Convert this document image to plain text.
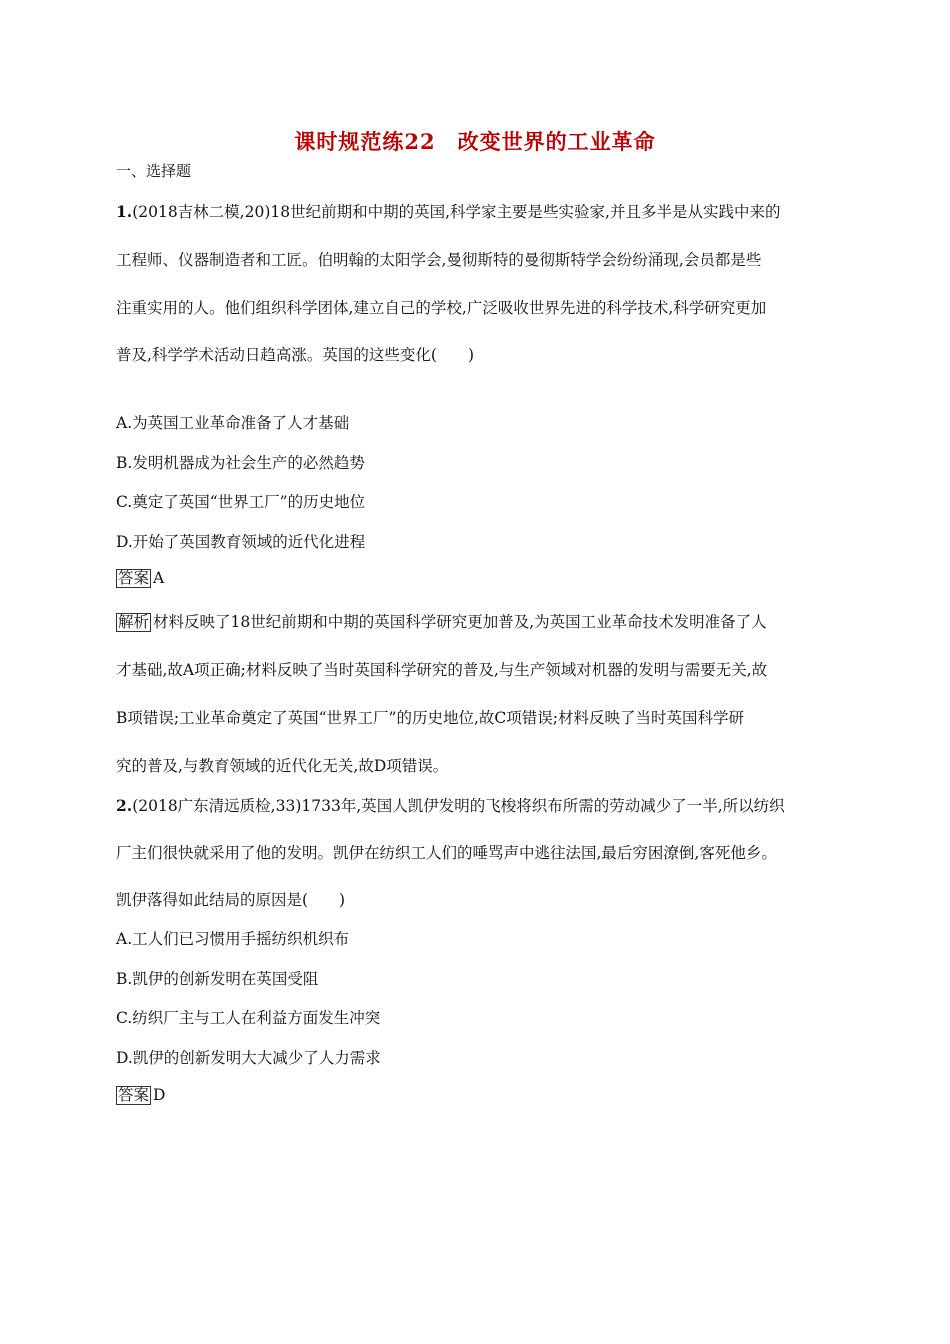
课时规范练22 改变世界的工业革命
一、选择题
1.(2018吉林二模,20)18世纪前期和中期的英国,科学家主要是些实验家,并且多半是从实践中来的
工程师、仪器制造者和工匠。伯明翰的太阳学会,曼彻斯特的曼彻斯特学会纷纷涌现,会员都是些
注重实用的人。他们组织科学团体,建立自己的学校,广泛吸收世界先进的科学技术,科学研究更加
普及,科学学术活动日趋高涨。英国的这些变化(　　)
A.为英国工业革命准备了人才基础
B.发明机器成为社会生产的必然趋势
C.奠定了英国“世界工厂”的历史地位
D.开始了英国教育领域的近代化进程
答案 A
解析 材料反映了18世纪前期和中期的英国科学研究更加普及,为英国工业革命技术发明准备了人
才基础,故A项正确;材料反映了当时英国科学研究的普及,与生产领域对机器的发明与需要无关,故
B项错误;工业革命奠定了英国“世界工厂”的历史地位,故C项错误;材料反映了当时英国科学研
究的普及,与教育领域的近代化无关,故D项错误。
2.(2018广东清远质检,33)1733年,英国人凯伊发明的飞梭将织布所需的劳动减少了一半,所以纺织
厂主们很快就采用了他的发明。凯伊在纺织工人们的唾骂声中逃往法国,最后穷困潦倒,客死他乡。
凯伊落得如此结局的原因是(　　)
A.工人们已习惯用手摇纺织机织布
B.凯伊的创新发明在英国受阻
C.纺织厂主与工人在利益方面发生冲突
D.凯伊的创新发明大大减少了人力需求
答案 D
